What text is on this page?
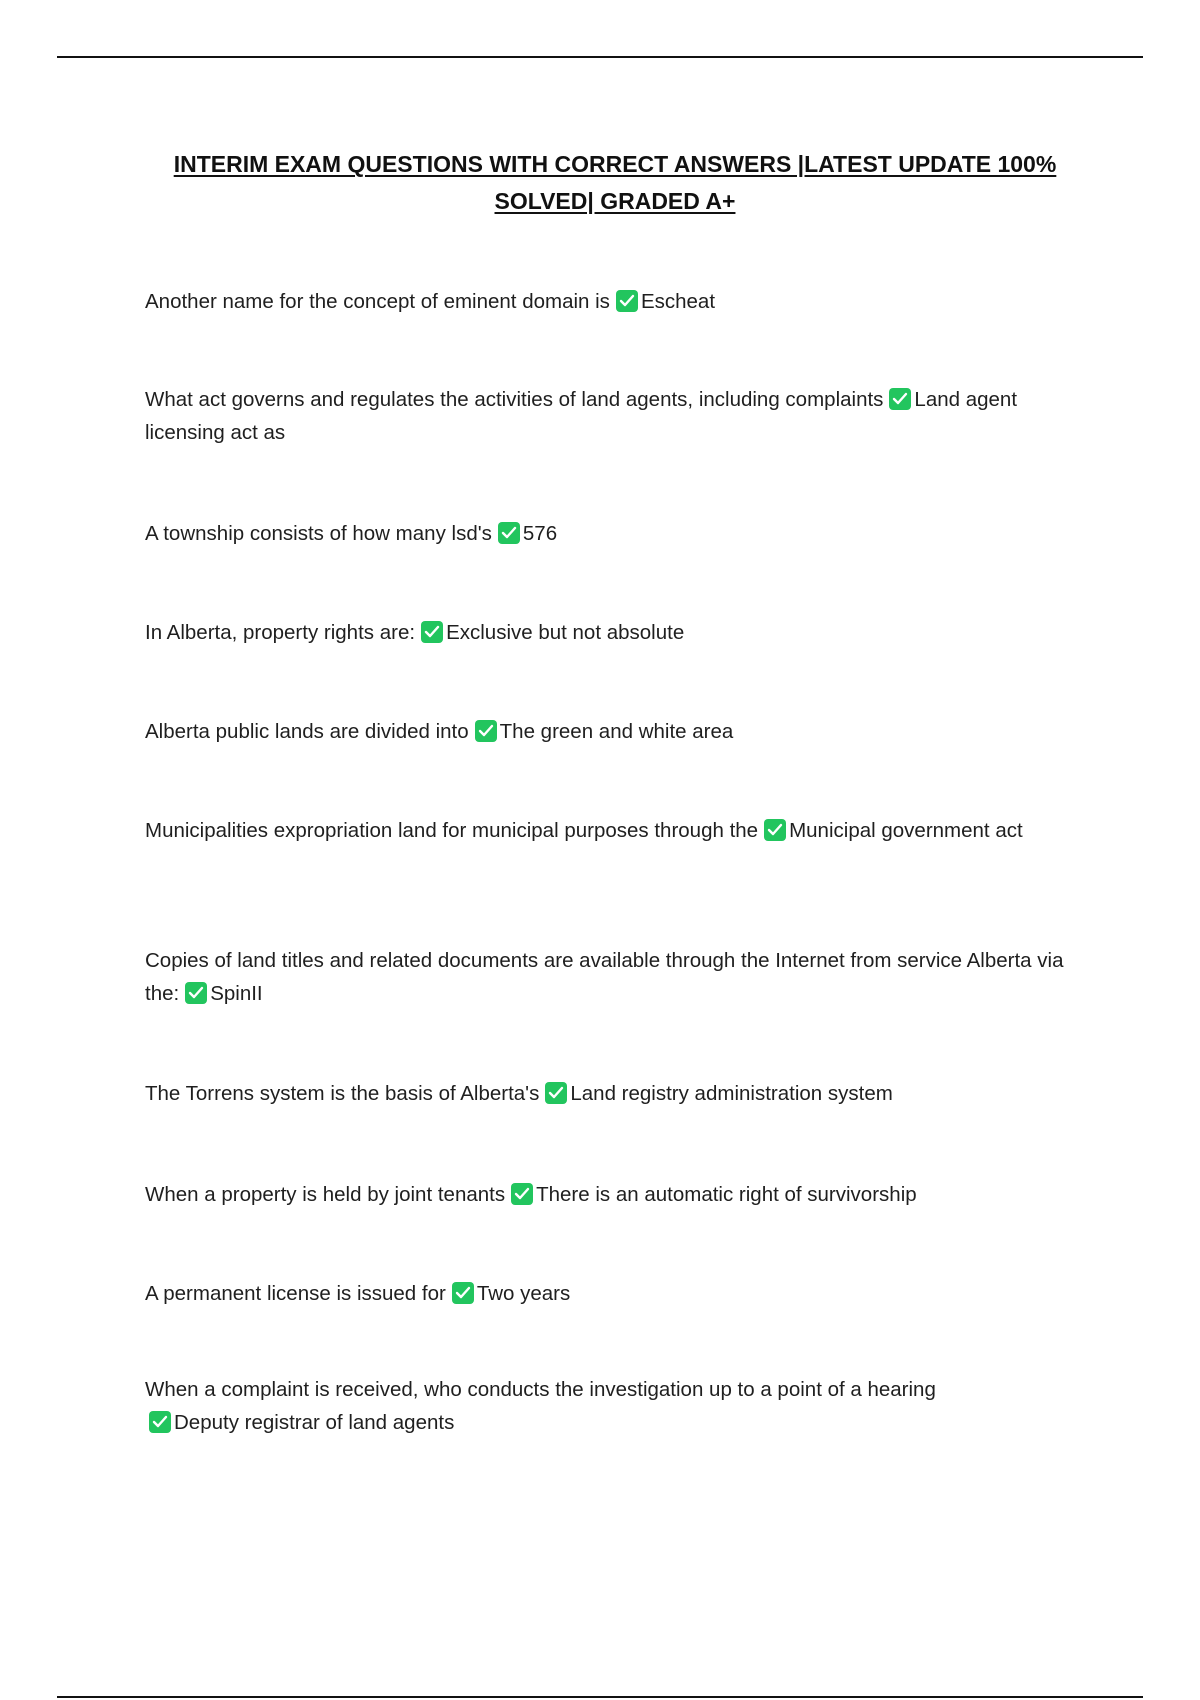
INTERIM EXAM QUESTIONS WITH CORRECT ANSWERS |LATEST UPDATE 100%
SOLVED| GRADED A+
Another name for the concept of eminent domain is Escheat
What act governs and regulates the activities of land agents, including complaints Land agent licensing act as
A township consists of how many lsd's 576
In Alberta, property rights are: Exclusive but not absolute
Alberta public lands are divided into The green and white area
Municipalities expropriation land for municipal purposes through the Municipal government act
Copies of land titles and related documents are available through the Internet from service Alberta via the: SpinII
The Torrens system is the basis of Alberta's Land registry administration system
When a property is held by joint tenants There is an automatic right of survivorship
A permanent license is issued for Two years
When a complaint is received, who conducts the investigation up to a point of a hearing

Deputy registrar of land agents
